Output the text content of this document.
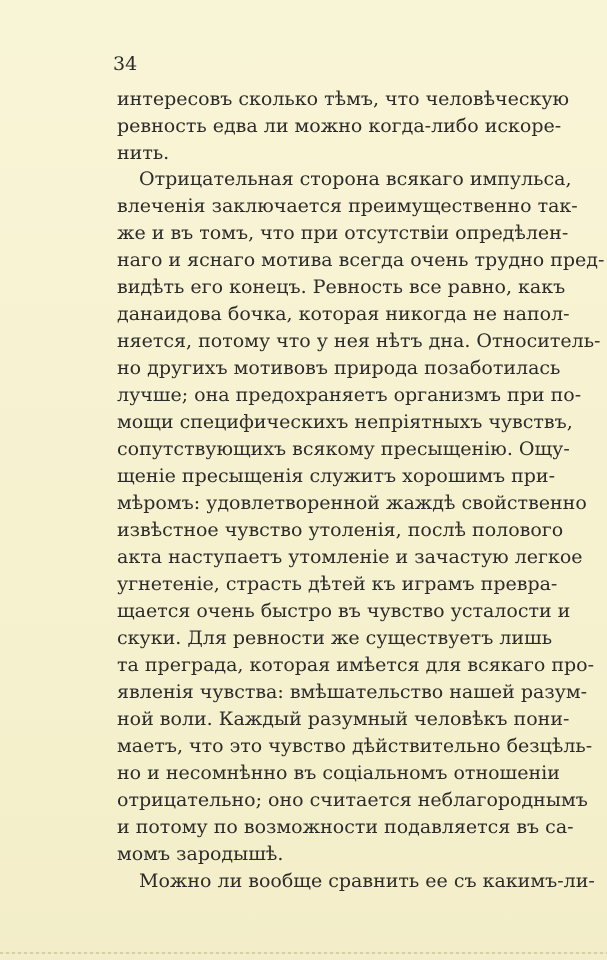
34
интересовъ сколько тѣмъ, что человѣческую
ревность едва ли можно когда-либо искоре-
нить.
Отрицательная сторона всякаго импульса,
влеченія заключается преимущественно так-
же и въ томъ, что при отсутствіи опредѣлен-
наго и яснаго мотива всегда очень трудно пред-
видѣть его конецъ. Ревность все равно, какъ
данаидова бочка, которая никогда не напол-
няется, потому что у нея нѣтъ дна. Относитель-
но другихъ мотивовъ природа позаботилась
лучше; она предохраняетъ организмъ при по-
мощи специфическихъ непріятныхъ чувствъ,
сопутствующихъ всякому пресыщенію. Ощу-
щеніе пресыщенія служитъ хорошимъ при-
мѣромъ: удовлетворенной жаждѣ свойственно
извѣстное чувство утоленія, послѣ полового
акта наступаетъ утомленіе и зачастую легкое
угнетеніе, страсть дѣтей къ играмъ превра-
щается очень быстро въ чувство усталости и
скуки. Для ревности же существуетъ лишь
та преграда, которая имѣется для всякаго про-
явленія чувства: вмѣшательство нашей разум-
ной воли. Каждый разумный человѣкъ пони-
маетъ, что это чувство дѣйствительно безцѣль-
но и несомнѣнно въ соціальномъ отношеніи
отрицательно; оно считается неблагороднымъ
и потому по возможности подавляется въ са-
момъ зародышѣ.
Можно ли вообще сравнить ее съ какимъ-ли-
